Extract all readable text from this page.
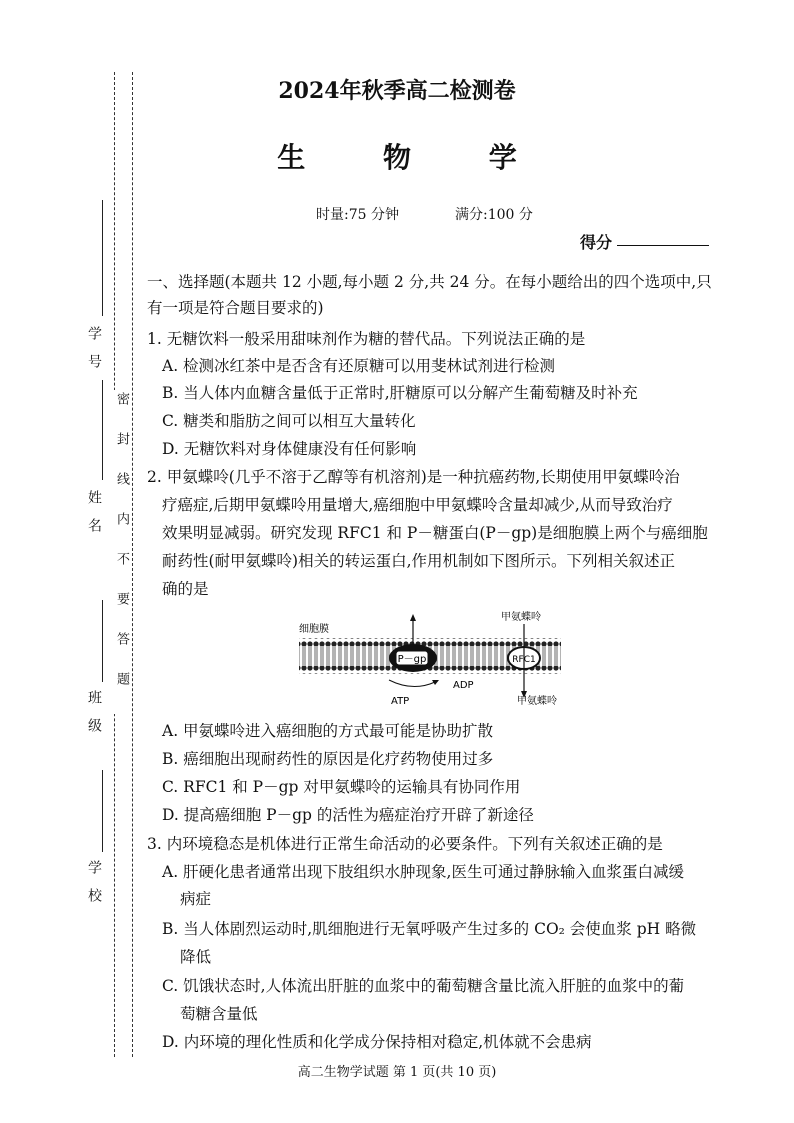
学校
班级
姓名
学号
密封线内不要答题
2024年秋季高二检测卷
生 物 学
时量:75 分钟	满分:100 分
得分
一、选择题(本题共 12 小题,每小题 2 分,共 24 分。在每小题给出的四个选项中,只
有一项是符合题目要求的)
1. 无糖饮料一般采用甜味剂作为糖的替代品。下列说法正确的是
A. 检测冰红茶中是否含有还原糖可以用斐林试剂进行检测
B. 当人体内血糖含量低于正常时,肝糖原可以分解产生葡萄糖及时补充
C. 糖类和脂肪之间可以相互大量转化
D. 无糖饮料对身体健康没有任何影响
2. 甲氨蝶呤(几乎不溶于乙醇等有机溶剂)是一种抗癌药物,长期使用甲氨蝶呤治
疗癌症,后期甲氨蝶呤用量增大,癌细胞中甲氨蝶呤含量却减少,从而导致治疗
效果明显减弱。研究发现 RFC1 和 P－糖蛋白(P－gp)是细胞膜上两个与癌细胞
耐药性(耐甲氨蝶呤)相关的转运蛋白,作用机制如下图所示。下列相关叙述正
确的是
P－gp	RFC1
细胞膜
甲氨蝶呤
ATP
ADP
甲氨蝶呤
A. 甲氨蝶呤进入癌细胞的方式最可能是协助扩散
B. 癌细胞出现耐药性的原因是化疗药物使用过多
C. RFC1 和 P－gp 对甲氨蝶呤的运输具有协同作用
D. 提高癌细胞 P－gp 的活性为癌症治疗开辟了新途径
3. 内环境稳态是机体进行正常生命活动的必要条件。下列有关叙述正确的是
A. 肝硬化患者通常出现下肢组织水肿现象,医生可通过静脉输入血浆蛋白减缓
病症
B. 当人体剧烈运动时,肌细胞进行无氧呼吸产生过多的 CO₂ 会使血浆 pH 略微
降低
C. 饥饿状态时,人体流出肝脏的血浆中的葡萄糖含量比流入肝脏的血浆中的葡
萄糖含量低
D. 内环境的理化性质和化学成分保持相对稳定,机体就不会患病
高二生物学试题 第 1 页(共 10 页)
